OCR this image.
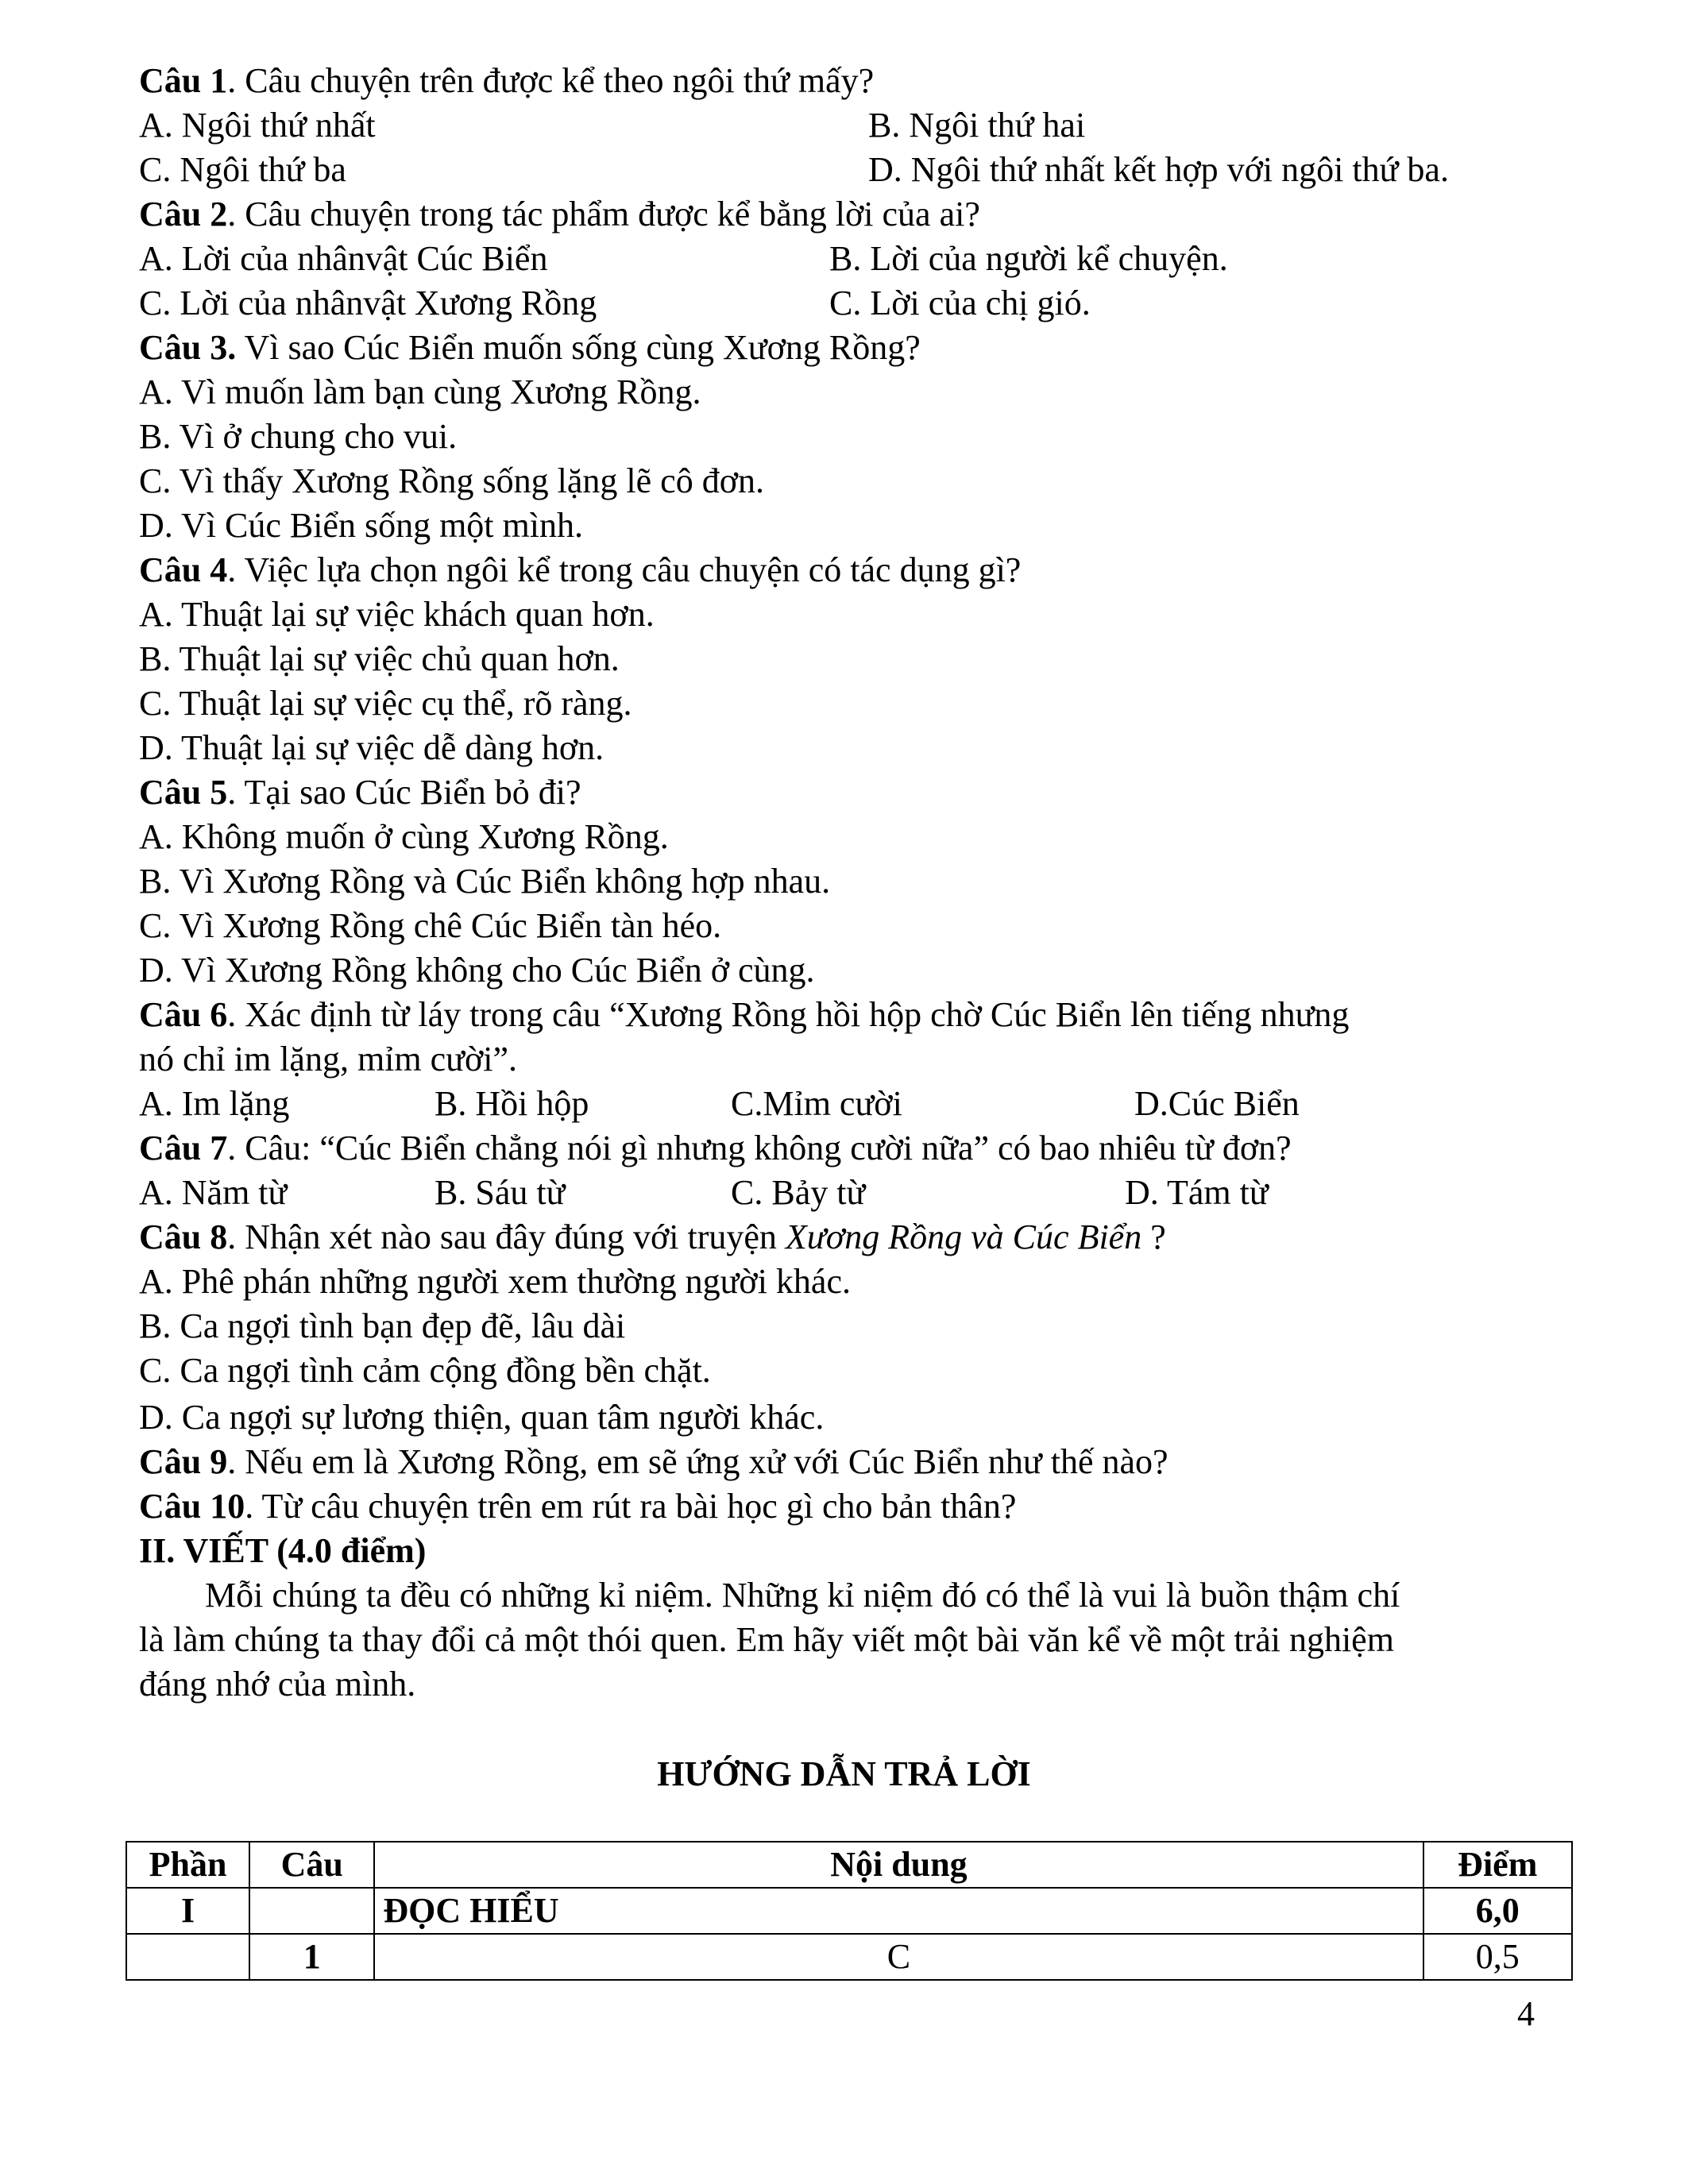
Câu 1. Câu chuyện trên được kể theo ngôi thứ mấy?
A. Ngôi thứ nhất	B. Ngôi thứ hai
C. Ngôi thứ ba	D. Ngôi thứ nhất kết hợp với ngôi thứ ba.
Câu 2. Câu chuyện trong tác phẩm được kể bằng lời của ai?
A. Lời của nhânvật Cúc Biển	B. Lời của người kể chuyện.
C. Lời của nhânvật Xương Rồng	C. Lời của chị gió.
Câu 3. Vì sao Cúc Biển muốn sống cùng Xương Rồng?
A. Vì muốn làm bạn cùng Xương Rồng.
B. Vì ở chung cho vui.
C. Vì thấy Xương Rồng sống lặng lẽ cô đơn.
D. Vì Cúc Biển sống một mình.
Câu 4. Việc lựa chọn ngôi kể trong câu chuyện có tác dụng gì?
A. Thuật lại sự việc khách quan hơn.
B. Thuật lại sự việc chủ quan hơn.
C. Thuật lại sự việc cụ thể, rõ ràng.
D. Thuật lại sự việc dễ dàng hơn.
Câu 5. Tại sao Cúc Biển bỏ đi?
A. Không muốn ở cùng Xương Rồng.
B. Vì Xương Rồng và Cúc Biển không hợp nhau.
C. Vì Xương Rồng chê Cúc Biển tàn héo.
D. Vì Xương Rồng không cho Cúc Biển ở cùng.
Câu 6. Xác định từ láy trong câu “Xương Rồng hồi hộp chờ Cúc Biển lên tiếng nhưng
nó chỉ im lặng, mỉm cười”.
A. Im lặng	B. Hồi hộp	C.Mỉm cười	D.Cúc Biển
Câu 7. Câu: “Cúc Biển chẳng nói gì nhưng không cười nữa” có bao nhiêu từ đơn?
A. Năm từ	B. Sáu từ	C. Bảy từ	D. Tám từ
Câu 8. Nhận xét nào sau đây đúng với truyện Xương Rồng và Cúc Biển ?
A. Phê phán những người xem thường người khác.
B. Ca ngợi tình bạn đẹp đẽ, lâu dài
C. Ca ngợi tình cảm cộng đồng bền chặt.
D. Ca ngợi sự lương thiện, quan tâm người khác.
Câu 9. Nếu em là Xương Rồng, em sẽ ứng xử với Cúc Biển như thế nào?
Câu 10. Từ câu chuyện trên em rút ra bài học gì cho bản thân?
II. VIẾT (4.0 điểm)
Mỗi chúng ta đều có những kỉ niệm. Những kỉ niệm đó có thể là vui là buồn thậm chí
là làm chúng ta thay đổi cả một thói quen. Em hãy viết một bài văn kể về một trải nghiệm
đáng nhớ của mình.
HƯỚNG DẪN TRẢ LỜI
Phần	Câu	Nội dung	Điểm
I		ĐỌC HIỂU	6,0
	1	C	0,5
4
